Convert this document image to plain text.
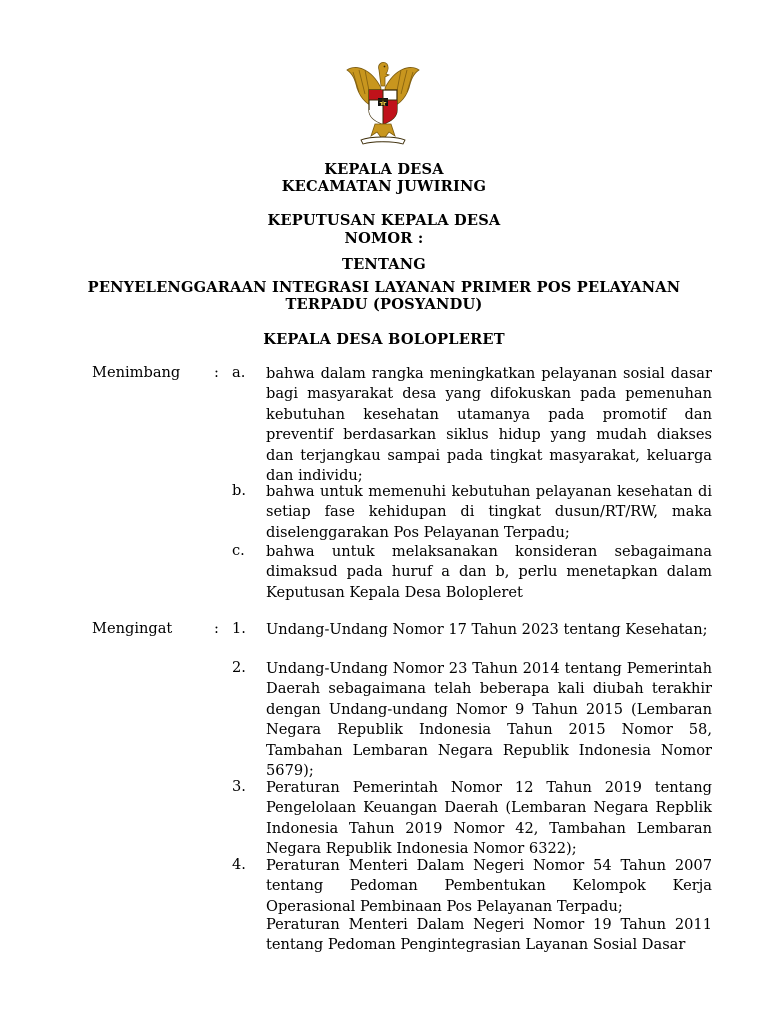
KEPALA DESA
KECAMATAN JUWIRING
KEPUTUSAN KEPALA DESA
NOMOR :
TENTANG
PENYELENGGARAAN INTEGRASI LAYANAN PRIMER POS PELAYANAN
TERPADU (POSYANDU)
KEPALA DESA BOLOPLERET
Menimbang : a. bahwa dalam rangka meningkatkan pelayanan sosial dasar bagi masyarakat desa yang difokuskan pada pemenuhan kebutuhan kesehatan utamanya pada promotif dan preventif berdasarkan siklus hidup yang mudah diakses dan terjangkau sampai pada tingkat masyarakat, keluarga dan individu;
b. bahwa untuk memenuhi kebutuhan pelayanan kesehatan di setiap fase kehidupan di tingkat dusun/RT/RW, maka diselenggarakan Pos Pelayanan Terpadu;
c. bahwa untuk melaksanakan konsideran sebagaimana dimaksud pada huruf a dan b, perlu menetapkan dalam Keputusan Kepala Desa Bolopleret
Mengingat	: 1. Undang-Undang Nomor 17 Tahun 2023 tentang Kesehatan;
2. Undang-Undang Nomor 23 Tahun 2014 tentang Pemerintah Daerah sebagaimana telah beberapa kali diubah terakhir dengan Undang-undang Nomor 9 Tahun 2015 (Lembaran Negara Republik Indonesia Tahun 2015 Nomor 58, Tambahan Lembaran Negara Republik Indonesia Nomor 5679);
3. Peraturan Pemerintah Nomor 12 Tahun 2019 tentang Pengelolaan Keuangan Daerah (Lembaran Negara Repblik Indonesia Tahun 2019 Nomor 42, Tambahan Lembaran Negara Republik Indonesia Nomor 6322);
4. Peraturan Menteri Dalam Negeri Nomor 54 Tahun 2007 tentang Pedoman Pembentukan Kelompok Kerja Operasional Pembinaan Pos Pelayanan Terpadu;
Peraturan Menteri Dalam Negeri Nomor 19 Tahun 2011 tentang Pedoman Pengintegrasian Layanan Sosial Dasar
